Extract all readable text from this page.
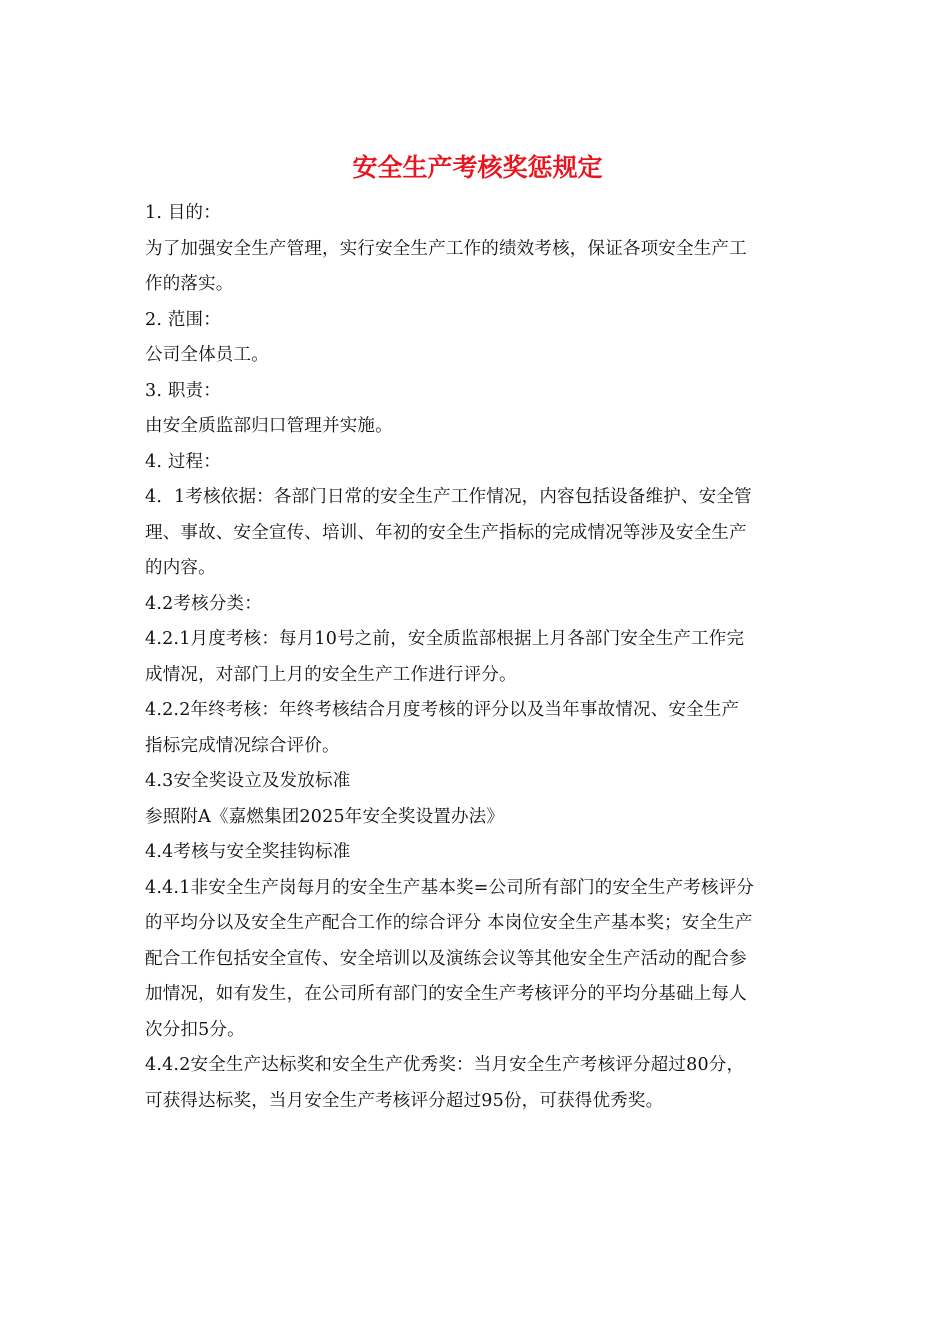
安全生产考核奖惩规定
1. 目的：
为了加强安全生产管理，实行安全生产工作的绩效考核，保证各项安全生产工
作的落实。
2. 范围：
公司全体员工。
3. 职责：
由安全质监部归口管理并实施。
4. 过程：
4．1考核依据：各部门日常的安全生产工作情况，内容包括设备维护、安全管
理、事故、安全宣传、培训、年初的安全生产指标的完成情况等涉及安全生产
的内容。
4.2考核分类：
4.2.1月度考核：每月10号之前，安全质监部根据上月各部门安全生产工作完
成情况，对部门上月的安全生产工作进行评分。
4.2.2年终考核：年终考核结合月度考核的评分以及当年事故情况、安全生产
指标完成情况综合评价。
4.3安全奖设立及发放标准
参照附A《嘉燃集团2025年安全奖设置办法》
4.4考核与安全奖挂钩标准
4.4.1非安全生产岗每月的安全生产基本奖=公司所有部门的安全生产考核评分
的平均分以及安全生产配合工作的综合评分 本岗位安全生产基本奖；安全生产
配合工作包括安全宣传、安全培训以及演练会议等其他安全生产活动的配合参
加情况，如有发生，在公司所有部门的安全生产考核评分的平均分基础上每人
次分扣5分。
4.4.2安全生产达标奖和安全生产优秀奖：当月安全生产考核评分超过80分，
可获得达标奖，当月安全生产考核评分超过95份，可获得优秀奖。
